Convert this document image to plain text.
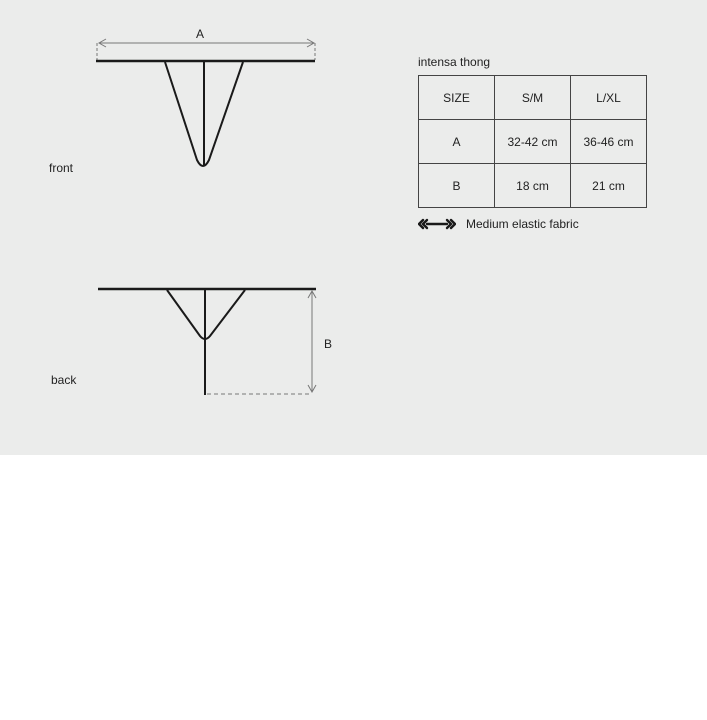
A
B
front
back
intensa thong
SIZE	S/M	L/XL
A	32-42 cm	36-46 cm
B	18 cm	21 cm
Medium elastic fabric
